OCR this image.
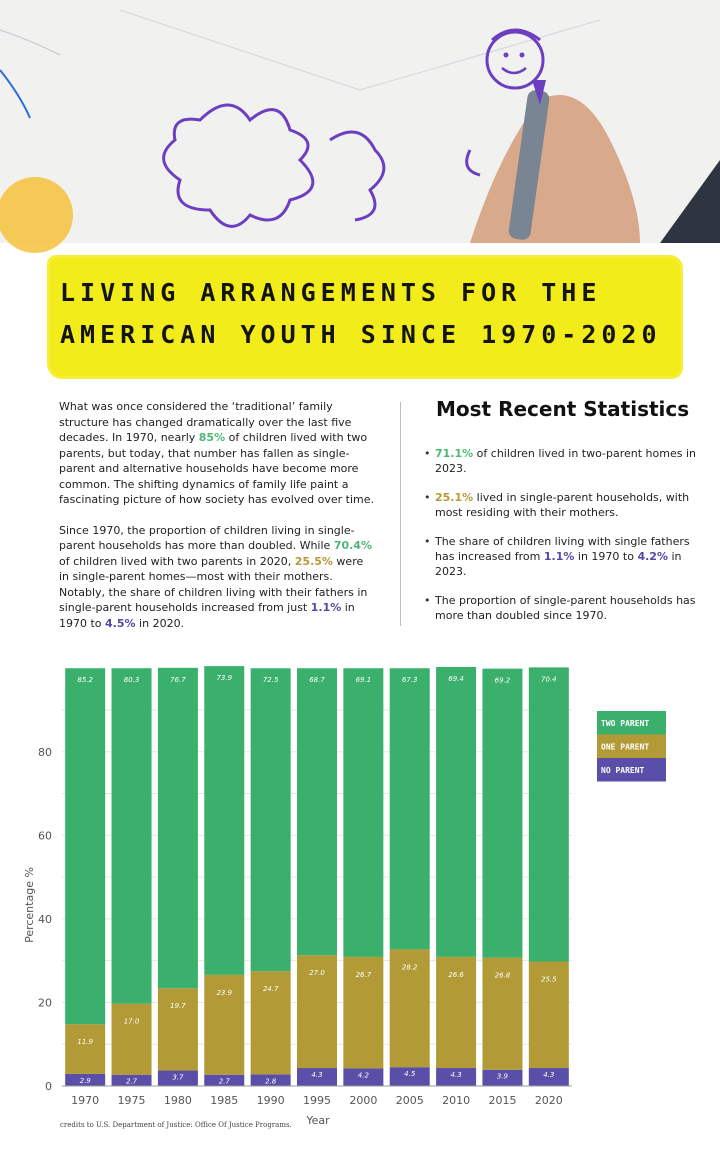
LIVING ARRANGEMENTS FOR THE
AMERICAN YOUTH SINCE 1970-2020

What was once considered the ‘traditional’ family structure has changed dramatically over the last five decades. In 1970, nearly 85% of children lived with two parents, but today, that number has fallen as single-parent and alternative households have become more common. The shifting dynamics of family life paint a fascinating picture of how society has evolved over time.

Since 1970, the proportion of children living in single-parent households has more than doubled. While 70.4% of children lived with two parents in 2020, 25.5% were in single-parent homes—most with their mothers. Notably, the share of children living with their fathers in single-parent households increased from just 1.1% in 1970 to 4.5% in 2020.

Most Recent Statistics
• 71.1% of children lived in two-parent homes in 2023.
• 25.1% lived in single-parent households, with most residing with their mothers.
• The share of children living with single fathers has increased from 1.1% in 1970 to 4.2% in 2023.
• The proportion of single-parent households has more than doubled since 1970.
2.9
11.9
85.2
2.7
17.0
80.3
3.7
19.7
76.7
2.7
23.9
73.9
2.8
24.7
72.5
4.3
27.0
68.7
4.2
26.7
69.1
4.5
28.2
67.3
4.3
26.6
69.4
3.9
26.8
69.2
4.3
25.5
70.4
0
20
40
60
80
1970 1975 1980 1985 1990 1995 2000 2005 2010 2015 2020
Percentage %
Year
TWO PARENT
ONE PARENT
NO PARENT
credits to U.S. Department of Justice: Office Of Justice Programs.
